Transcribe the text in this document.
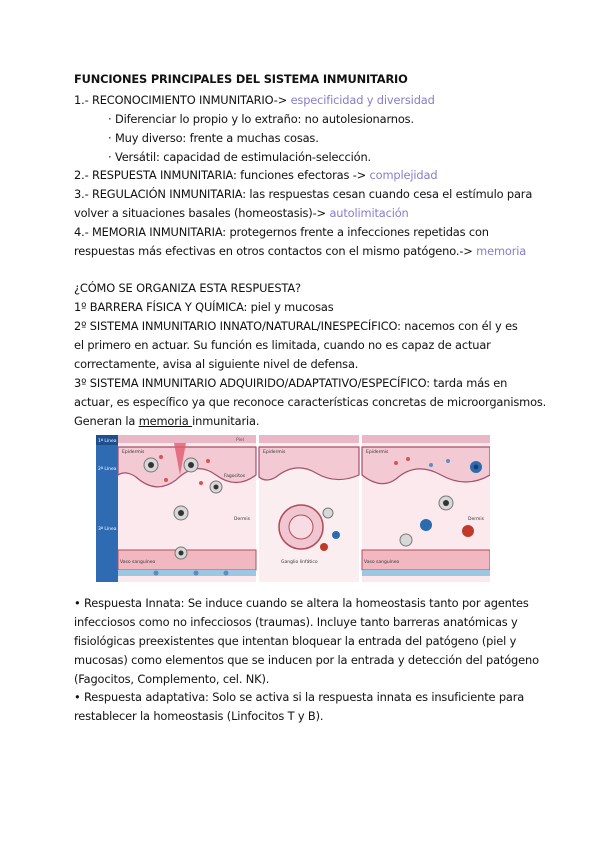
FUNCIONES PRINCIPALES DEL SISTEMA INMUNITARIO
1.- RECONOCIMIENTO INMUNITARIO-> especificidad y diversidad
· Diferenciar lo propio y lo extraño: no autolesionarnos.
· Muy diverso: frente a muchas cosas.
· Versátil: capacidad de estimulación-selección.
2.- RESPUESTA INMUNITARIA: funciones efectoras -> complejidad
3.- REGULACIÓN INMUNITARIA: las respuestas cesan cuando cesa el estímulo para
volver a situaciones basales (homeostasis)-> autolimitación
4.- MEMORIA INMUNITARIA: protegernos frente a infecciones repetidas con
respuestas más efectivas en otros contactos con el mismo patógeno.-> memoria
¿CÓMO SE ORGANIZA ESTA RESPUESTA?
1º BARRERA FÍSICA Y QUÍMICA: piel y mucosas
2º SISTEMA INMUNITARIO INNATO/NATURAL/INESPECÍFICO: nacemos con él y es
el primero en actuar. Su función es limitada, cuando no es capaz de actuar
correctamente, avisa al siguiente nivel de defensa.
3º SISTEMA INMUNITARIO ADQUIRIDO/ADAPTATIVO/ESPECÍFICO: tarda más en
actuar, es específico ya que reconoce características concretas de microorganismos.
Generan la memoria inmunitaria.
1ª Línea
2ª Línea
3ª Línea
Piel
Epidermis	Epidermis	Epidermis
Fagocitos
Dermis	Dermis
Vaso sanguíneo	Vaso sanguíneo
Ganglio linfático
• Respuesta Innata: Se induce cuando se altera la homeostasis tanto por agentes
infecciosos como no infecciosos (traumas). Incluye tanto barreras anatómicas y
fisiológicas preexistentes que intentan bloquear la entrada del patógeno (piel y
mucosas) como elementos que se inducen por la entrada y detección del patógeno
(Fagocitos, Complemento, cel. NK).
• Respuesta adaptativa: Solo se activa si la respuesta innata es insuficiente para
restablecer la homeostasis (Linfocitos T y B).
